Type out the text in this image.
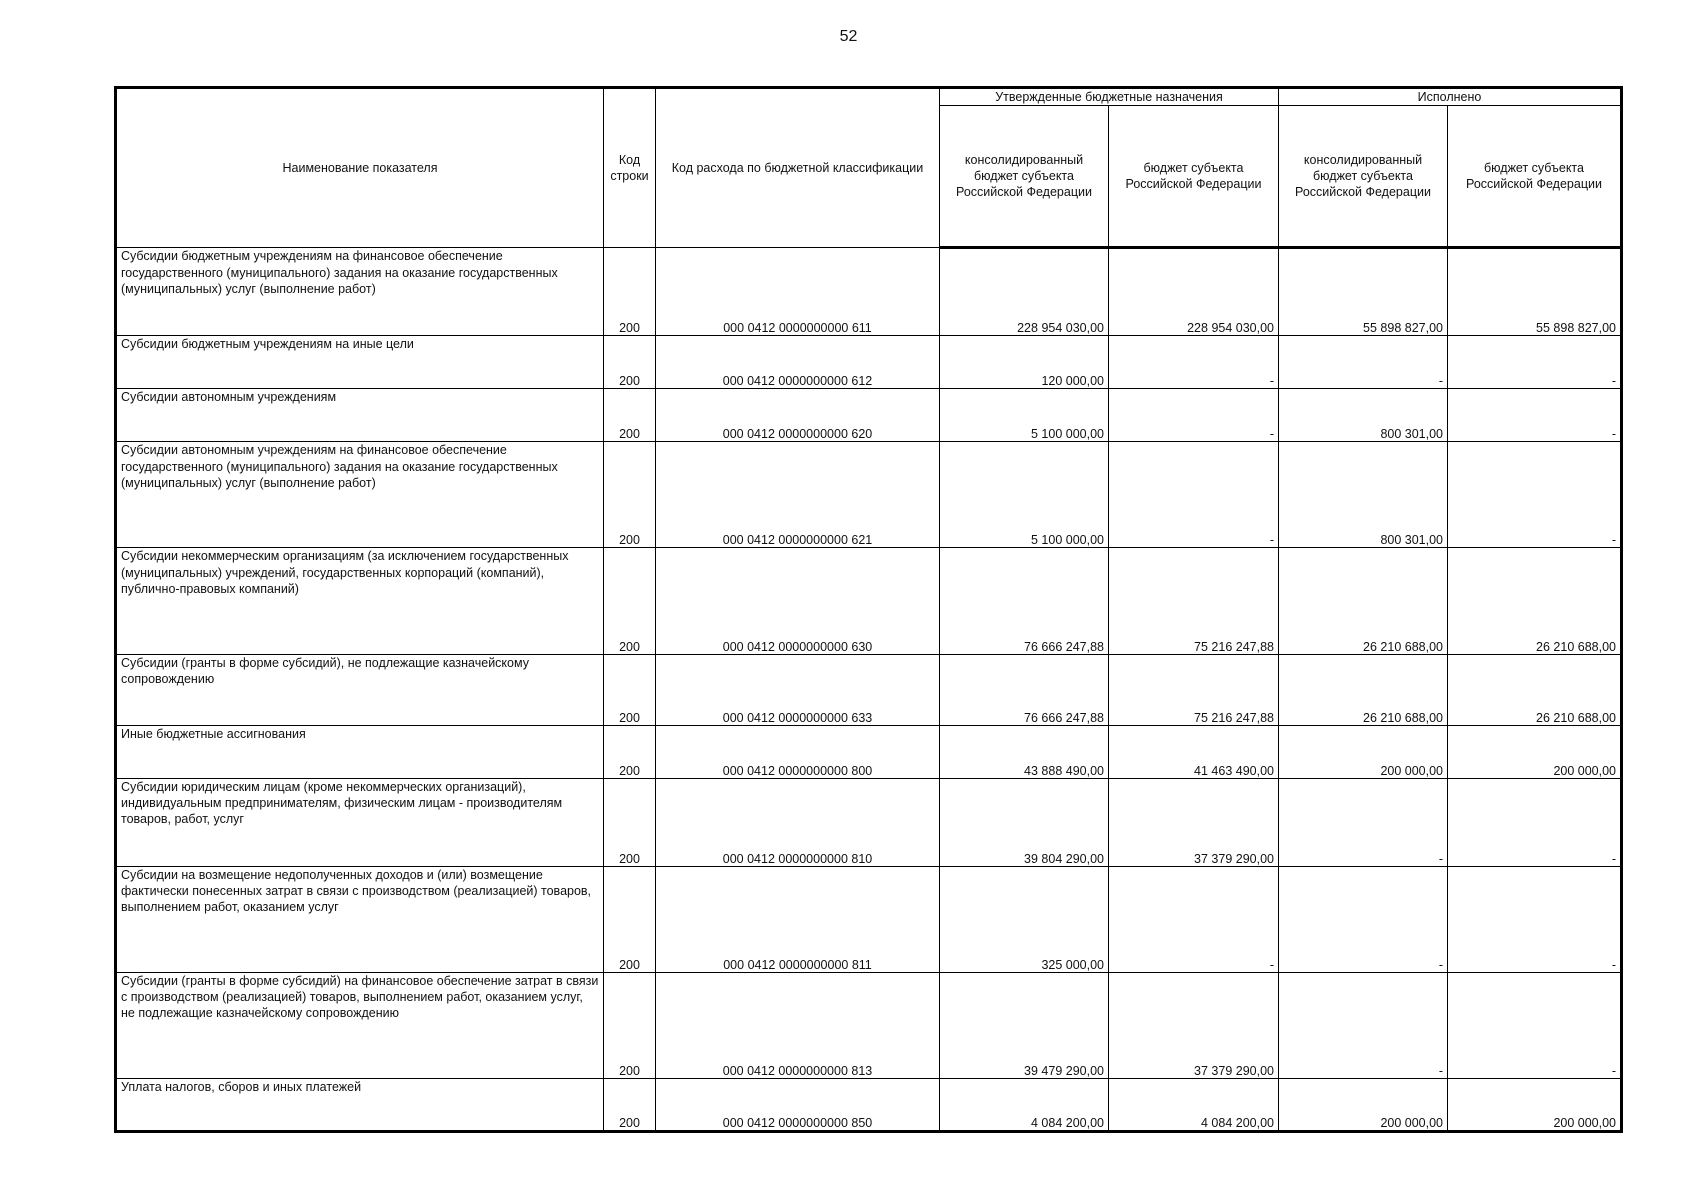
52
Наименование показателя	Код строки	Код расхода по бюджетной классификации	Утвержденные бюджетные назначения		Исполнено	
			консолидированный бюджет субъекта Российской Федерации	бюджет субъекта Российской Федерации	консолидированный бюджет субъекта Российской Федерации	бюджет субъекта Российской Федерации
Субсидии бюджетным учреждениям на финансовое обеспечение государственного (муниципального) задания на оказание государственных (муниципальных) услуг (выполнение работ)	200	000 0412 0000000000 611	228 954 030,00	228 954 030,00	55 898 827,00	55 898 827,00
Субсидии бюджетным учреждениям на иные цели	200	000 0412 0000000000 612	120 000,00	-	-	-
Субсидии автономным учреждениям	200	000 0412 0000000000 620	5 100 000,00	-	800 301,00	-
Субсидии автономным учреждениям на финансовое обеспечение государственного (муниципального) задания на оказание государственных (муниципальных) услуг (выполнение работ)	200	000 0412 0000000000 621	5 100 000,00	-	800 301,00	-
Субсидии некоммерческим организациям (за исключением государственных (муниципальных) учреждений, государственных корпораций (компаний), публично-правовых компаний)	200	000 0412 0000000000 630	76 666 247,88	75 216 247,88	26 210 688,00	26 210 688,00
Субсидии (гранты в форме субсидий), не подлежащие казначейскому сопровождению	200	000 0412 0000000000 633	76 666 247,88	75 216 247,88	26 210 688,00	26 210 688,00
Иные бюджетные ассигнования	200	000 0412 0000000000 800	43 888 490,00	41 463 490,00	200 000,00	200 000,00
Субсидии юридическим лицам (кроме некоммерческих организаций), индивидуальным предпринимателям, физическим лицам - производителям товаров, работ, услуг	200	000 0412 0000000000 810	39 804 290,00	37 379 290,00	-	-
Субсидии на возмещение недополученных доходов и (или) возмещение фактически понесенных затрат в связи с производством (реализацией) товаров, выполнением работ, оказанием услуг	200	000 0412 0000000000 811	325 000,00	-	-	-
Субсидии (гранты в форме субсидий) на финансовое обеспечение затрат в связи с производством (реализацией) товаров, выполнением работ, оказанием услуг, не подлежащие казначейскому сопровождению	200	000 0412 0000000000 813	39 479 290,00	37 379 290,00	-	-
Уплата налогов, сборов и иных платежей	200	000 0412 0000000000 850	4 084 200,00	4 084 200,00	200 000,00	200 000,00
